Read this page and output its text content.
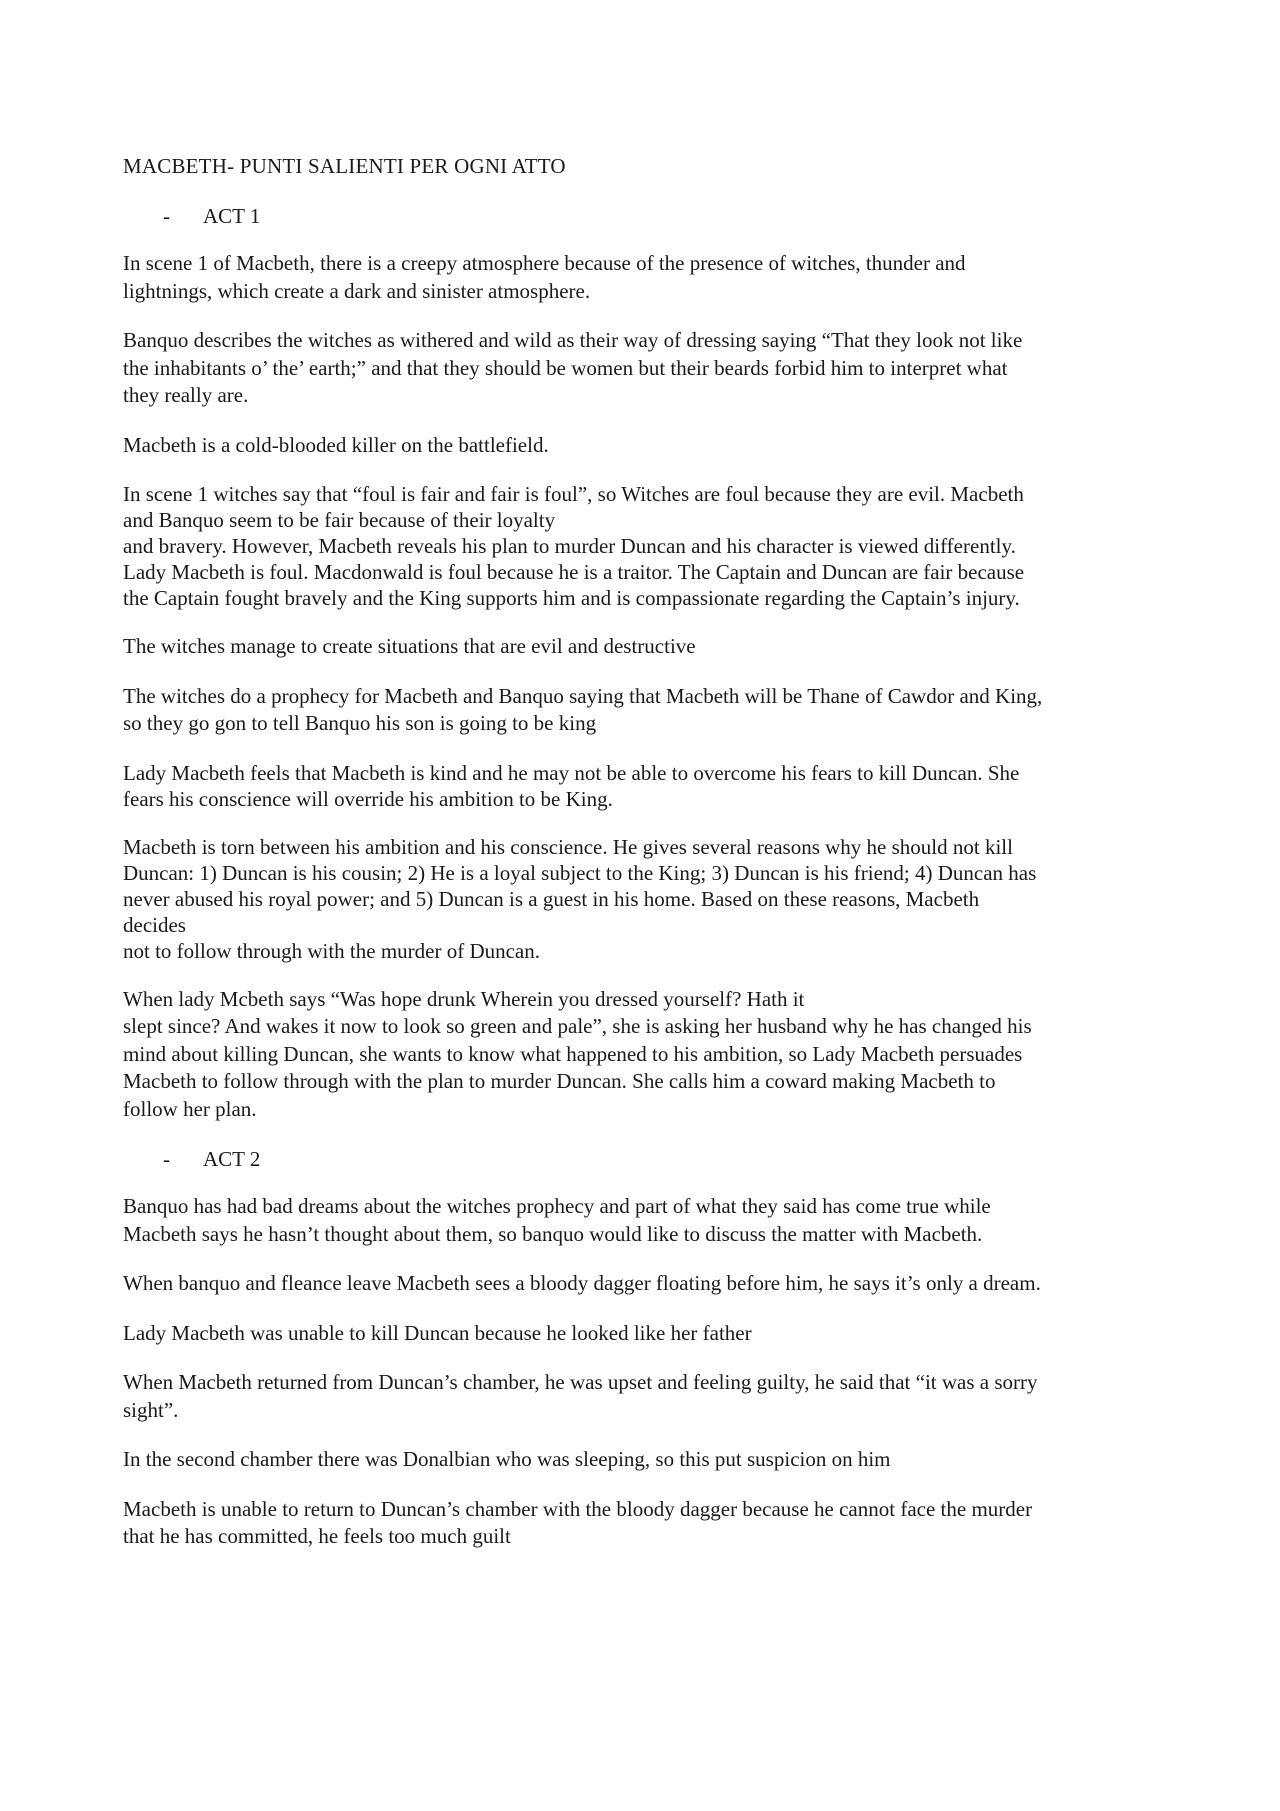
MACBETH- PUNTI SALIENTI PER OGNI ATTO
-	ACT 1
In scene 1 of Macbeth, there is a creepy atmosphere because of the presence of witches, thunder and
lightnings, which create a dark and sinister atmosphere.
Banquo describes the witches as withered and wild as their way of dressing saying “That they look not like
the inhabitants o’ the’ earth;” and that they should be women but their beards forbid him to interpret what
they really are.
Macbeth is a cold-blooded killer on the battlefield.
In scene 1 witches say that “foul is fair and fair is foul”, so Witches are foul because they are evil. Macbeth
and Banquo seem to be fair because of their loyalty
and bravery. However, Macbeth reveals his plan to murder Duncan and his character is viewed differently.
Lady Macbeth is foul. Macdonwald is foul because he is a traitor. The Captain and Duncan are fair because
the Captain fought bravely and the King supports him and is compassionate regarding the Captain’s injury.
The witches manage to create situations that are evil and destructive
The witches do a prophecy for Macbeth and Banquo saying that Macbeth will be Thane of Cawdor and King,
so they go gon to tell Banquo his son is going to be king
Lady Macbeth feels that Macbeth is kind and he may not be able to overcome his fears to kill Duncan. She
fears his conscience will override his ambition to be King.
Macbeth is torn between his ambition and his conscience. He gives several reasons why he should not kill
Duncan: 1) Duncan is his cousin; 2) He is a loyal subject to the King; 3) Duncan is his friend; 4) Duncan has
never abused his royal power; and 5) Duncan is a guest in his home. Based on these reasons, Macbeth
decides
not to follow through with the murder of Duncan.
When lady Mcbeth says “Was hope drunk Wherein you dressed yourself? Hath it
slept since? And wakes it now to look so green and pale”, she is asking her husband why he has changed his
mind about killing Duncan, she wants to know what happened to his ambition, so Lady Macbeth persuades
Macbeth to follow through with the plan to murder Duncan. She calls him a coward making Macbeth to
follow her plan.
-	ACT 2
Banquo has had bad dreams about the witches prophecy and part of what they said has come true while
Macbeth says he hasn’t thought about them, so banquo would like to discuss the matter with Macbeth.
When banquo and fleance leave Macbeth sees a bloody dagger floating before him, he says it’s only a dream.
Lady Macbeth was unable to kill Duncan because he looked like her father
When Macbeth returned from Duncan’s chamber, he was upset and feeling guilty, he said that “it was a sorry
sight”.
In the second chamber there was Donalbian who was sleeping, so this put suspicion on him
Macbeth is unable to return to Duncan’s chamber with the bloody dagger because he cannot face the murder
that he has committed, he feels too much guilt
